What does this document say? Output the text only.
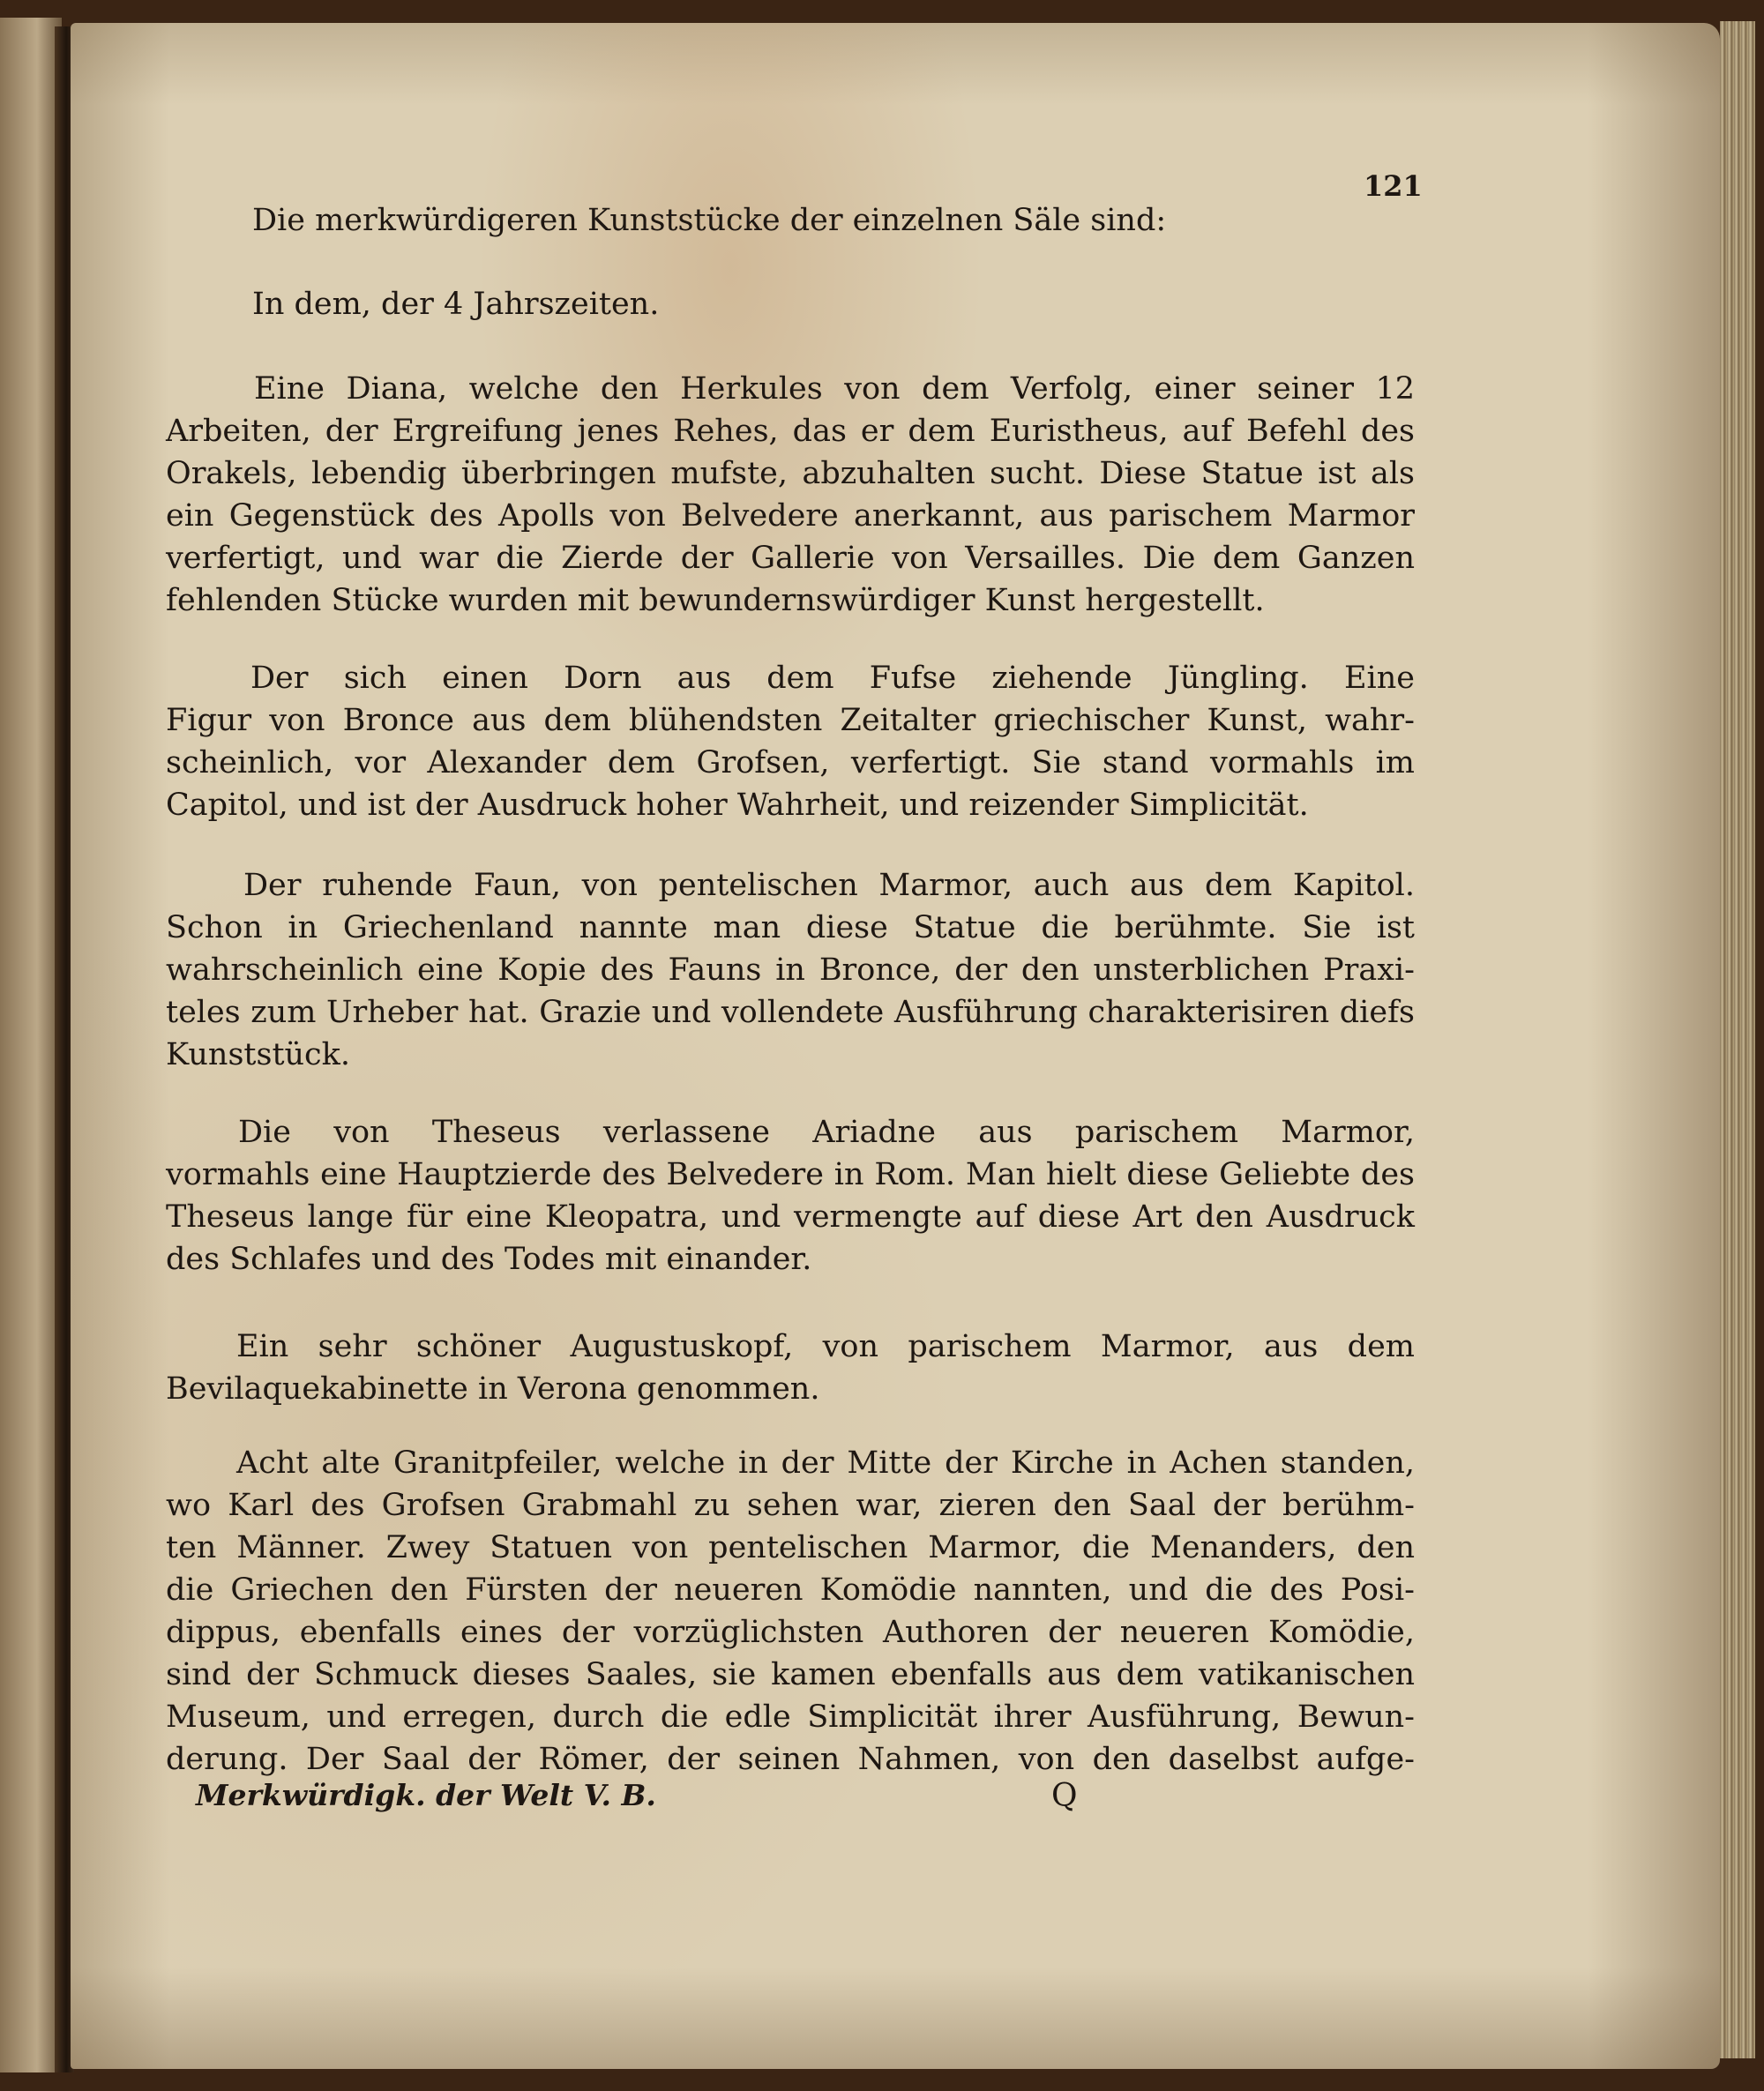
121
Die merkwürdigeren Kunststücke der einzelnen Säle sind:
In dem, der 4 Jahrszeiten.
Eine Diana, welche den Herkules von dem Verfolg, einer seiner 12
Arbeiten, der Ergreifung jenes Rehes, das er dem Euristheus, auf Befehl des
Orakels, lebendig überbringen mufste, abzuhalten sucht. Diese Statue ist als
ein Gegenstück des Apolls von Belvedere anerkannt, aus parischem Marmor
verfertigt, und war die Zierde der Gallerie von Versailles. Die dem Ganzen
fehlenden Stücke wurden mit bewundernswürdiger Kunst hergestellt.
Der sich einen Dorn aus dem Fufse ziehende Jüngling. Eine
Figur von Bronce aus dem blühendsten Zeitalter griechischer Kunst, wahr-
scheinlich, vor Alexander dem Grofsen, verfertigt. Sie stand vormahls im
Capitol, und ist der Ausdruck hoher Wahrheit, und reizender Simplicität.
Der ruhende Faun, von pentelischen Marmor, auch aus dem Kapitol.
Schon in Griechenland nannte man diese Statue die berühmte. Sie ist
wahrscheinlich eine Kopie des Fauns in Bronce, der den unsterblichen Praxi-
teles zum Urheber hat. Grazie und vollendete Ausführung charakterisiren diefs
Kunststück.
Die von Theseus verlassene Ariadne aus parischem Marmor,
vormahls eine Hauptzierde des Belvedere in Rom. Man hielt diese Geliebte des
Theseus lange für eine Kleopatra, und vermengte auf diese Art den Ausdruck
des Schlafes und des Todes mit einander.
Ein sehr schöner Augustuskopf, von parischem Marmor, aus dem
Bevilaquekabinette in Verona genommen.
Acht alte Granitpfeiler, welche in der Mitte der Kirche in Achen standen,
wo Karl des Grofsen Grabmahl zu sehen war, zieren den Saal der berühm-
ten Männer. Zwey Statuen von pentelischen Marmor, die Menanders, den
die Griechen den Fürsten der neueren Komödie nannten, und die des Posi-
dippus, ebenfalls eines der vorzüglichsten Authoren der neueren Komödie,
sind der Schmuck dieses Saales, sie kamen ebenfalls aus dem vatikanischen
Museum, und erregen, durch die edle Simplicität ihrer Ausführung, Bewun-
derung. Der Saal der Römer, der seinen Nahmen, von den daselbst aufge-
Merkwürdigk. der Welt V. B.	Q
